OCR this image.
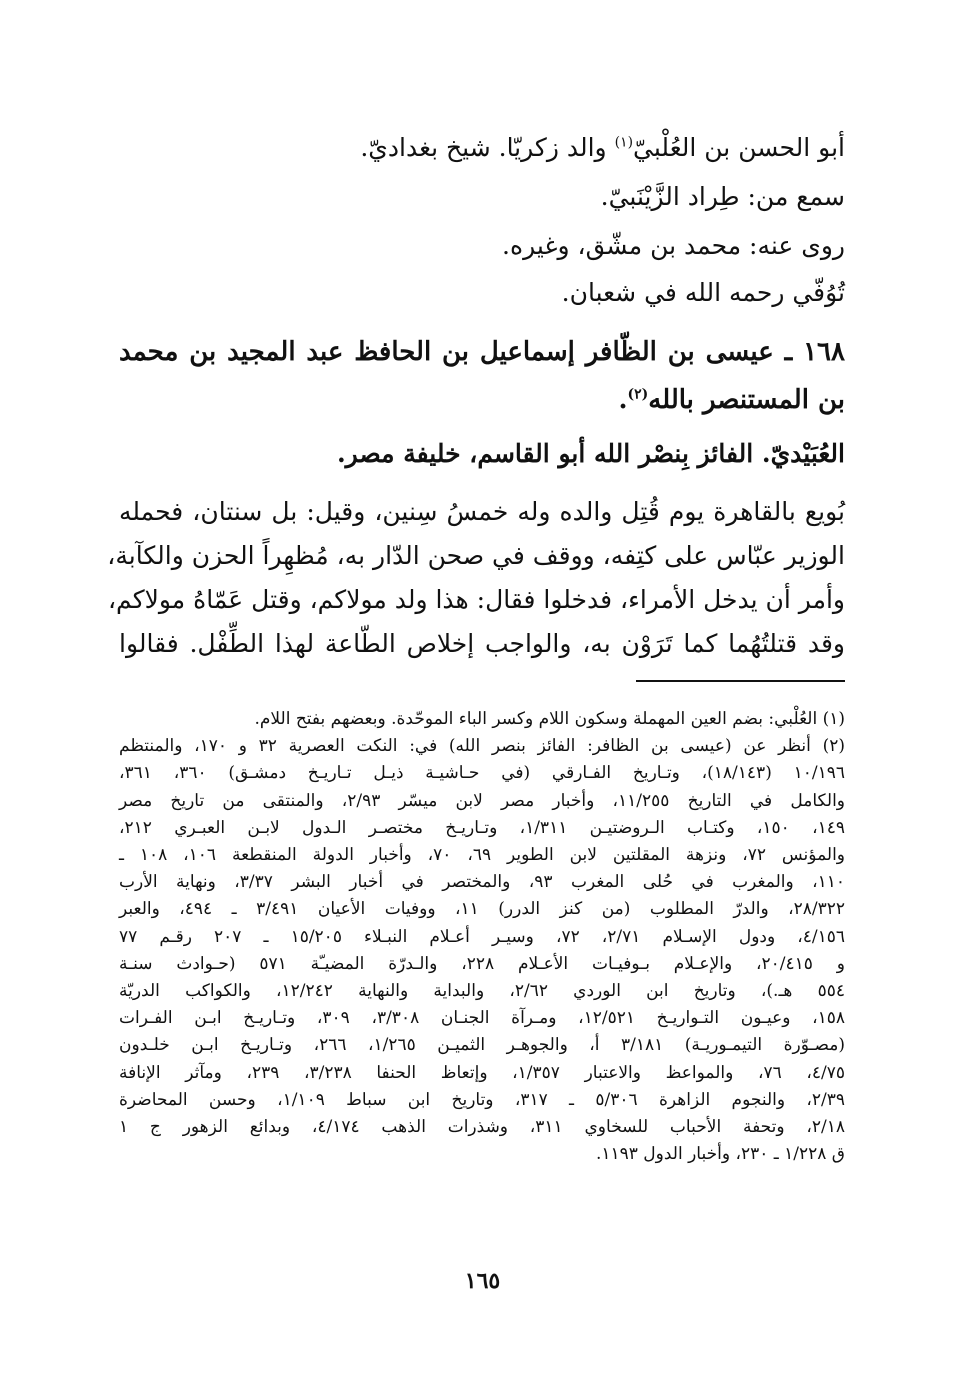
أبو الحسن بن العُلْبيّ$^{(١)}$ والد زكريّا. شيخ بغداديّ.
سمع من: طِراد الزَّيْنَبيّ.
روى عنه: محمد بن مشّق، وغيره.
تُوُفّي رحمه الله في شعبان.
١٦٨ ـ عيسى بن الظّافر إسماعيل بن الحافظ عبد المجيد بن محمد بن المستنصر بالله$^{(٢)}$.
العُبَيْديّ. الفائز بِنصْر الله أبو القاسم، خليفة مصر.
بُويع بالقاهرة يوم قُتِل والده وله خمسُ سِنين، وقيل: بل سنتان، فحمله
الوزير عبّاس على كتِفه، ووقف في صحن الدّار به، مُظهِراً الحزن والكآبة،
وأمر أن يدخل الأمراء، فدخلوا فقال: هذا ولد مولاكم، وقتل عَمّاهُ مولاكم،
وقد قتلتُهُما كما تَرَوْن به، والواجب إخلاص الطّاعة لهذا الطِّفْل. فقالوا
(١) العُلْبي: بضم العين المهملة وسكون اللام وكسر الباء الموحّدة. وبعضهم بفتح اللام.
(٢) أنظر عن (عيسى بن الظافر: الفائز بنصر الله) في: النكت العصرية ٣٢ و ١٧٠، والمنتظم
١٠/١٩٦ (١٨/١٤٣)، وتـاريخ الفـارقي (في حـاشيـة ذيـل تـاريـخ دمشـق) ٣٦٠، ٣٦١،
والكامل في التاريخ ١١/٢٥٥، وأخبار مصر لابن ميسّر ٢/٩٣، والمنتقى من تاريخ مصر
١٤٩، ١٥٠، وكتـاب الـروضتيـن ١/٣١١، وتـاريـخ مختصـر الـدول لابـن العبـري ٢١٢،
والمؤنس ٧٢، ونزهة المقلتين لابن الطوير ٦٩، ٧٠، وأخبار الدولة المنقطعة ١٠٦، ١٠٨ ـ
١١٠، والمغرب في حُلى المغرب ٩٣، والمختصر في أخبار البشر ٣/٣٧، ونهاية الأرب
٢٨/٣٢٢، والدرّ المطلوب (من كنز الدرر) ١١، ووفيات الأعيان ٣/٤٩١ ـ ٤٩٤، والعبر
٤/١٥٦، ودول الإسـلام ٢/٧١، ٧٢، وسيـر أعـلام النبـلاء ١٥/٢٠٥ ـ ٢٠٧ رقـم ٧٧
و ٢٠/٤١٥، والإعـلام بـوفيـات الأعـلام ٢٢٨، والـدرّة المضيـّة ٥٧١ (حـوادث سنـة
٥٥٤ هـ.)، وتاريخ ابن الوردي ٢/٦٢، والبداية والنهاية ١٢/٢٤٢، والكواكب الدريّة
١٥٨، وعيـون التـواريـخ ١٢/٥٢١، ومـرآة الجنـان ٣/٣٠٨، ٣٠٩، وتـاريـخ ابـن الفـرات
(مصـوّرة التيمـوريـة) ٣/١٨١ أ، والجوهـر الثميـن ١/٢٦٥، ٢٦٦، وتـاريـخ ابـن خلـدون
٤/٧٥، ٧٦، والمواعظ والاعتبار ١/٣٥٧، وإتعاظ الحنفا ٣/٢٣٨، ٢٣٩، ومآثر الإنافة
٢/٣٩، والنجوم الزاهرة ٥/٣٠٦ ـ ٣١٧، وتاريخ ابن سباط ١/١٠٩، وحسن المحاضرة
٢/١٨، وتحفة الأحباب للسخاوي ٣١١، وشذرات الذهب ٤/١٧٤، وبدائع الزهور ج ١
ق ١/٢٢٨ ـ ٢٣٠، وأخبار الدول ١١٩٣.
١٦٥
